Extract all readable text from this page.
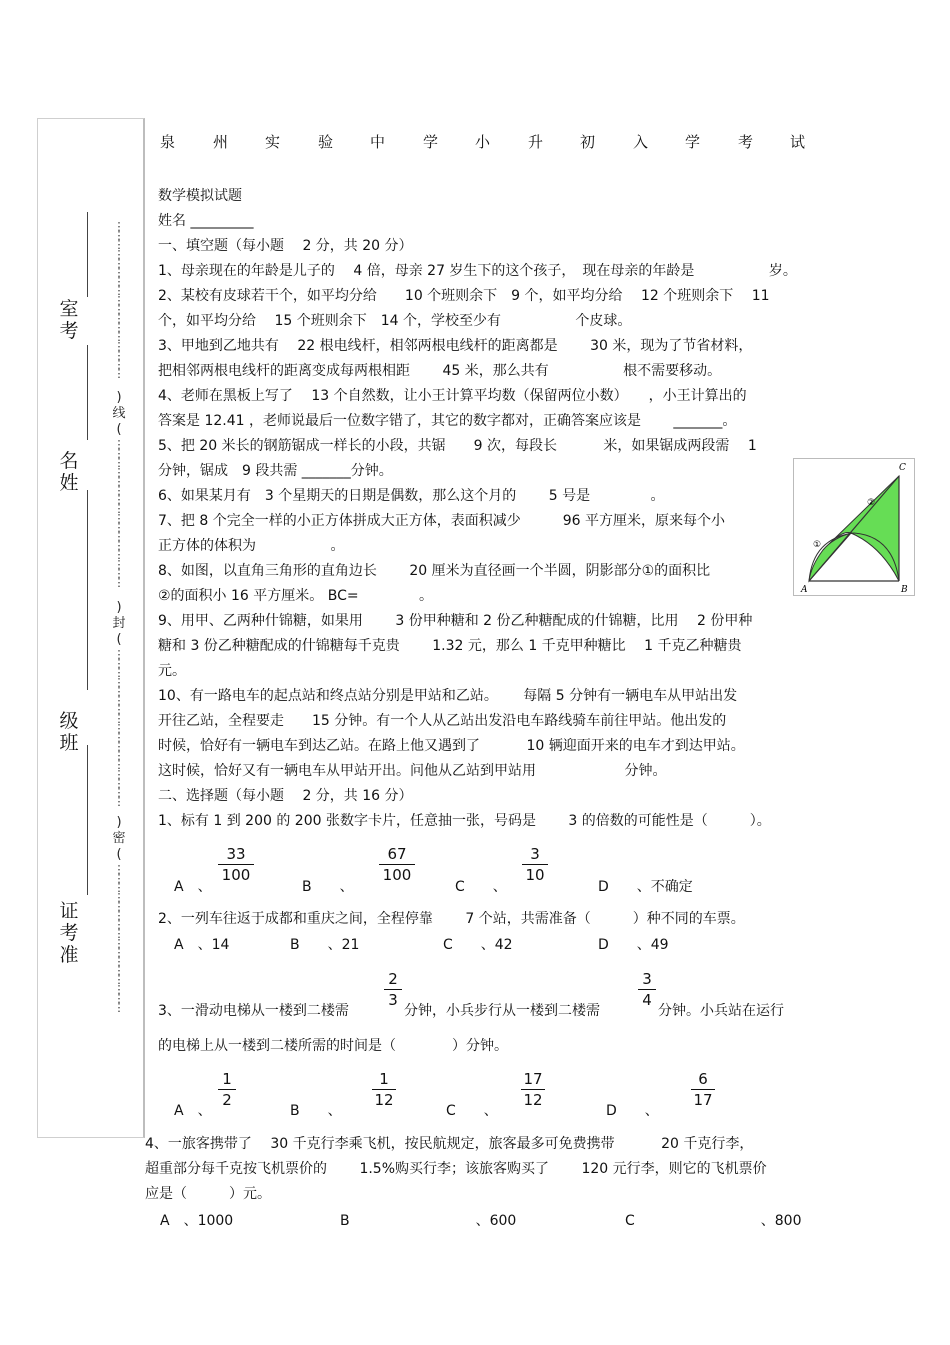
室
考
名
姓
级
班
证
考
准
⋮
⋮
⋮
⋮
⋮
⋮
⋮
⋮
⋮
⋮
⋮
⋮
⋮
⋮
⋮
⋮
⋮
)
线
(
⋮
⋮
⋮
⋮
⋮
⋮
⋮
⋮
⋮
⋮
⋮
⋮
⋮
⋮
⋮
⋮
)
封
(
⋮
⋮
⋮
⋮
⋮
⋮
⋮
⋮
⋮
⋮
⋮
⋮
⋮
⋮
⋮
⋮
⋮
)
密
(
⋮
⋮
⋮
⋮
⋮
⋮
⋮
⋮
⋮
⋮
⋮
⋮
⋮
⋮
⋮
⋮
泉	州 实	验 中	学 小	升 初	入 学	考 试
数学模拟试题
姓名 _________
一、填空题（每小题　 2 分，共 20 分）
1、母亲现在的年龄是儿子的　 4 倍，母亲 27 岁生下的这个孩子，　现在母亲的年龄是　　　　　 岁。
2、某校有皮球若干个，如平均分给　　10 个班则余下　9 个，如平均分给　 12 个班则余下　 11
个，如平均分给　 15 个班则余下　14 个，学校至少有　　　　　 个皮球。
3、甲地到乙地共有　 22 根电线杆，相邻两根电线杆的距离都是　　 30 米，现为了节省材料，
把相邻两根电线杆的距离变成每两根相距　　 45 米，那么共有　　　　　 根不需要移动。
4、老师在黑板上写了　 13 个自然数，让小王计算平均数（保留两位小数）　　，小王计算出的
答案是 12.41 ，老师说最后一位数字错了，其它的数字都对，正确答案应该是　　 _______。
5、把 20 米长的钢筋锯成一样长的小段，共锯　　9 次，每段长　　　 米，如果锯成两段需　 1
分钟，锯成　9 段共需 _______分钟。
6、如果某月有　3 个星期天的日期是偶数，那么这个月的　　 5 号是　　　　 。
7、把 8 个完全一样的小正方体拼成大正方体，表面积减少　　　96 平方厘米，原来每个小
正方体的体积为　　　　　 。
8、如图，以直角三角形的直角边长　　 20 厘米为直径画一个半圆，阴影部分①的面积比
②的面积小 16 平方厘米。 BC=　　　　 。
9、用甲、乙两种什锦糖，如果用　　 3 份甲种糖和 2 份乙种糖配成的什锦糖，比用　 2 份甲种
糖和 3 份乙种糖配成的什锦糖每千克贵　　 1.32 元，那么 1 千克甲种糖比　 1 千克乙种糖贵
元。
10、有一路电车的起点站和终点站分别是甲站和乙站。　　 每隔 5 分钟有一辆电车从甲站出发
开往乙站，全程要走　　15 分钟。有一个人从乙站出发沿电车路线骑车前往甲站。他出发的
时候，恰好有一辆电车到达乙站。在路上他又遇到了　　　 10 辆迎面开来的电车才到达甲站。
这时候，恰好又有一辆电车从甲站开出。问他从乙站到甲站用　　　　　　 分钟。
A	B
C
①
②
二、选择题（每小题　 2 分，共 16 分）
1、标有 1 到 200 的 200 张数字卡片，任意抽一张，号码是　　 3 的倍数的可能性是（　　　）。
A　、
$\frac{33}{100}$
B　　、
$\frac{67}{100}$
C　　、
$\frac{3}{10}$
D　　、不确定
2、一列车往返于成都和重庆之间，全程停靠　　 7 个站，共需准备（　　　）种不同的车票。
A　、14	B　　、21	C　　、42	D　　、49
3、一滑动电梯从一楼到二楼需
$\frac{2}{3}$
分钟，小兵步行从一楼到二楼需
$\frac{3}{4}$
分钟。小兵站在运行
的电梯上从一楼到二楼所需的时间是（　　　　）分钟。
A　、
$\frac{1}{2}$
B　　、
$\frac{1}{12}$
C　　、
$\frac{17}{12}$
D　　、
$\frac{6}{17}$
4、一旅客携带了　 30 千克行李乘飞机，按民航规定，旅客最多可免费携带　　　 20 千克行李，
超重部分每千克按飞机票价的　　 1.5%购买行李；该旅客购买了　　 120 元行李，则它的飞机票价
应是（　　　）元。
A　、1000	B　　　　　　　　　、600	C　　　　　　　　　、800
